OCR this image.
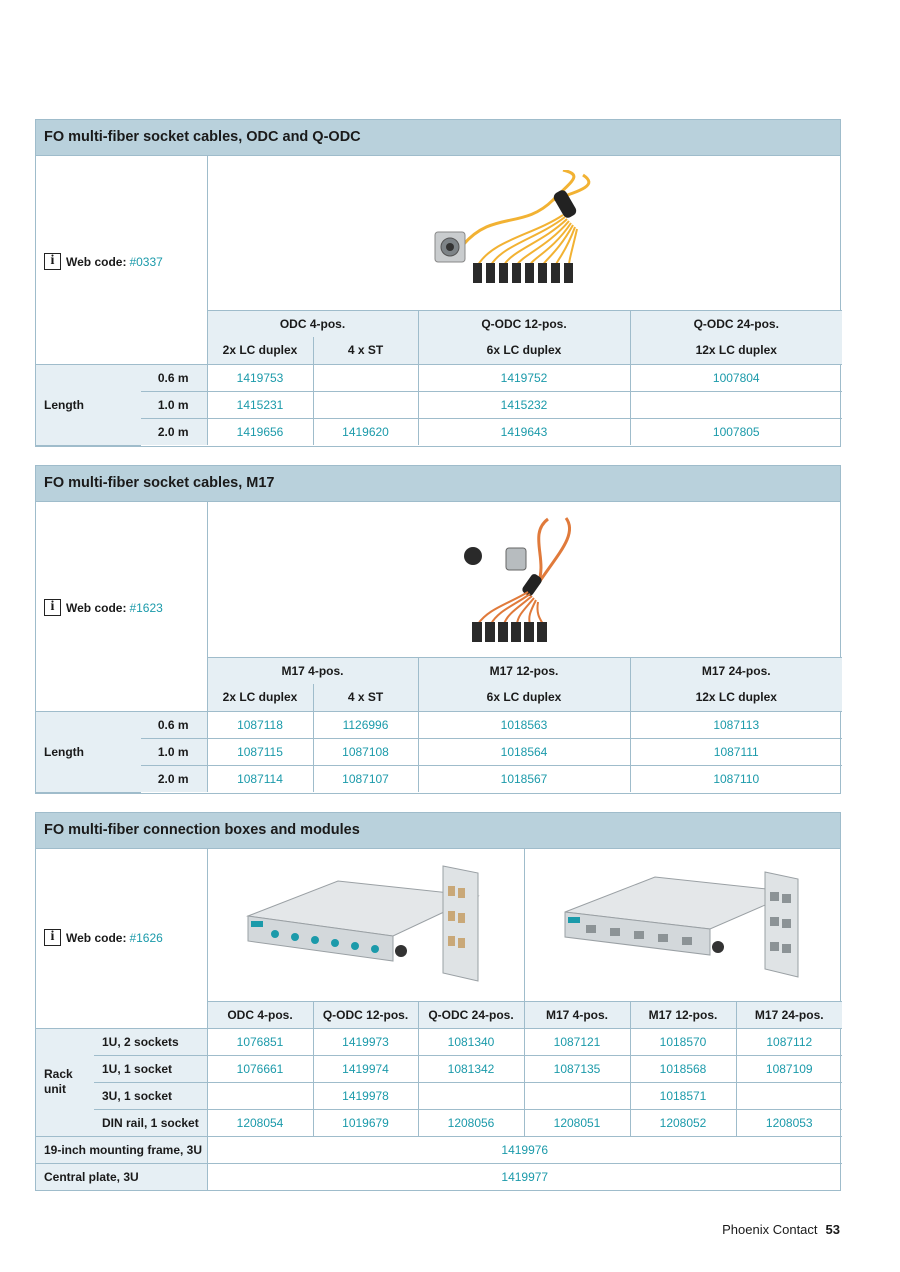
FO multi-fiber socket cables, ODC and Q-ODC
i Web code: #0337

		ODC 4-pos.		Q-ODC 12-pos.	Q-ODC 24-pos.
		2x LC duplex	4 x ST	6x LC duplex	12x LC duplex
Length	0.6 m	1419753		1419752	1007804
	1.0 m	1415231		1415232	
	2.0 m	1419656	1419620	1419643	1007805
FO multi-fiber socket cables, M17
i Web code: #1623

		M17 4-pos.		M17 12-pos.	M17 24-pos.
		2x LC duplex	4 x ST	6x LC duplex	12x LC duplex
Length	0.6 m	1087118	1126996	1018563	1087113
	1.0 m	1087115	1087108	1018564	1087111
	2.0 m	1087114	1087107	1018567	1087110
FO multi-fiber connection boxes and modules
i Web code: #1626

		ODC 4-pos.	Q-ODC 12-pos.	Q-ODC 24-pos.	M17 4-pos.	M17 12-pos.	M17 24-pos.
Rack
unit	1U, 2 sockets	1076851	1419973	1081340	1087121	1018570	1087112
	1U, 1 socket	1076661	1419974	1081342	1087135	1018568	1087109
	3U, 1 socket		1419978			1018571	
	DIN rail, 1 socket	1208054	1019679	1208056	1208051	1208052	1208053
19-inch mounting frame, 3U		1419976					
Central plate, 3U		1419977					
Phoenix Contact 53
